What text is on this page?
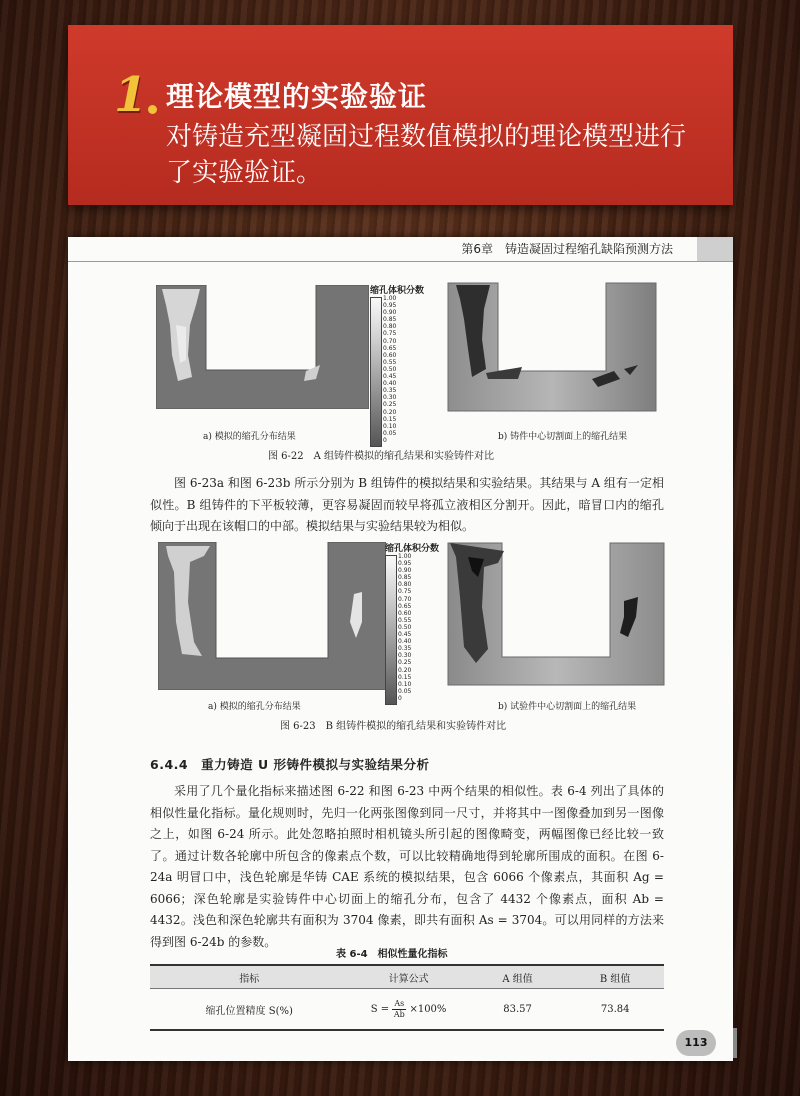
1 理论模型的实验验证
对铸造充型凝固过程数值模拟的理论模型进行了实验验证。
第6章　铸造凝固过程缩孔缺陷预测方法
缩孔体积分数
1.00
0.95
0.90
0.85
0.80
0.75
0.70
0.65
0.60
0.55
0.50
0.45
0.40
0.35
0.30
0.25
0.20
0.15
0.10
0.05
0
a) 模拟的缩孔分布结果	b) 铸件中心切割面上的缩孔结果
图 6-22　A 组铸件模拟的缩孔结果和实验铸件对比

图 6-23a 和图 6-23b 所示分别为 B 组铸件的模拟结果和实验结果。其结果与 A 组有一定相似性。B 组铸件的下平板较薄，更容易凝固而较早将孤立液相区分割开。因此，暗冒口内的缩孔倾向于出现在该帽口的中部。模拟结果与实验结果较为相似。

缩孔体积分数
1.00
0.95
0.90
0.85
0.80
0.75
0.70
0.65
0.60
0.55
0.50
0.45
0.40
0.35
0.30
0.25
0.20
0.15
0.10
0.05
0
a) 模拟的缩孔分布结果	b) 试验件中心切割面上的缩孔结果
图 6-23　B 组铸件模拟的缩孔结果和实验铸件对比
6.4.4　重力铸造 U 形铸件模拟与实验结果分析

采用了几个量化指标来描述图 6-22 和图 6-23 中两个结果的相似性。表 6-4 列出了具体的相似性量化指标。量化规则时，先归一化两张图像到同一尺寸，并将其中一图像叠加到另一图像之上，如图 6-24 所示。此处忽略拍照时相机镜头所引起的图像畸变，两幅图像已经比较一致了。通过计数各轮廓中所包含的像素点个数，可以比较精确地得到轮廓所围成的面积。在图 6-24a 明冒口中，浅色轮廓是华铸 CAE 系统的模拟结果，包含 6066 个像素点，其面积 Ag = 6066；深色轮廓是实验铸件中心切面上的缩孔分布，包含了 4432 个像素点，面积 Ab = 4432。浅色和深色轮廓共有面积为 3704 像素，即共有面积 As = 3704。可以用同样的方法来得到图 6-24b 的参数。

表 6-4　相似性量化指标
指标	计算公式	A 组值	B 组值
缩孔位置精度 S(%)	$S = \frac{As}{Ab} \times 100\%$	83.57	73.84
113
